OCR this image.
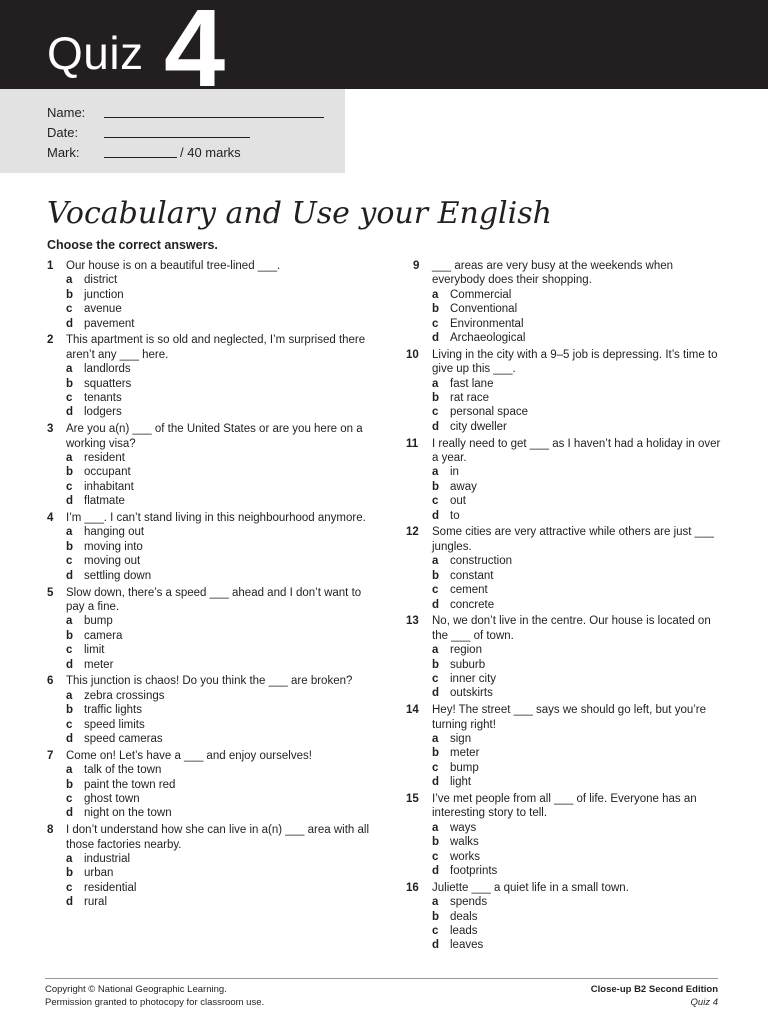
Quiz 4
Name:
Date:
Mark:	/ 40 marks
Vocabulary and Use your English
Choose the correct answers.
1 Our house is on a beautiful tree-lined ___.
a district
b junction
c avenue
d pavement
2 This apartment is so old and neglected, I’m surprised there aren’t any ___ here.
a landlords
b squatters
c tenants
d lodgers
3 Are you a(n) ___ of the United States or are you here on a working visa?
a resident
b occupant
c inhabitant
d flatmate
4 I’m ___. I can’t stand living in this neighbourhood anymore.
a hanging out
b moving into
c moving out
d settling down
5 Slow down, there’s a speed ___ ahead and I don’t want to pay a fine.
a bump
b camera
c limit
d meter
6 This junction is chaos! Do you think the ___ are broken?
a zebra crossings
b traffic lights
c speed limits
d speed cameras
7 Come on! Let’s have a ___ and enjoy ourselves!
a talk of the town
b paint the town red
c ghost town
d night on the town
8 I don’t understand how she can live in a(n) ___ area with all those factories nearby.
a industrial
b urban
c residential
d rural
9 ___ areas are very busy at the weekends when everybody does their shopping.
a Commercial
b Conventional
c Environmental
d Archaeological
10 Living in the city with a 9–5 job is depressing. It’s time to give up this ___.
a fast lane
b rat race
c personal space
d city dweller
11 I really need to get ___ as I haven’t had a holiday in over a year.
a in
b away
c out
d to
12 Some cities are very attractive while others are just ___ jungles.
a construction
b constant
c cement
d concrete
13 No, we don’t live in the centre. Our house is located on the ___ of town.
a region
b suburb
c inner city
d outskirts
14 Hey! The street ___ says we should go left, but you’re turning right!
a sign
b meter
c bump
d light
15 I’ve met people from all ___ of life. Everyone has an interesting story to tell.
a ways
b walks
c works
d footprints
16 Juliette ___ a quiet life in a small town.
a spends
b deals
c leads
d leaves
Copyright © National Geographic Learning.
Permission granted to photocopy for classroom use.
Close-up B2 Second Edition
Quiz 4
